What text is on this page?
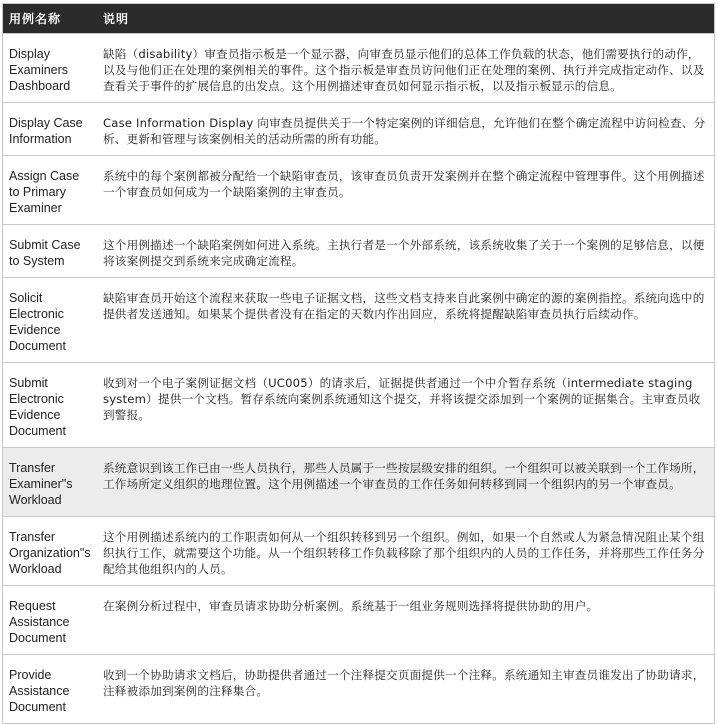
用例名称	说明
Display Examiners Dashboard	缺陷（disability）审查员指示板是一个显示器，向审查员显示他们的总体工作负载的状态，他们需要执行的动作，以及与他们正在处理的案例相关的事件。这个指示板是审查员访问他们正在处理的案例、执行并完成指定动作、以及查看关于事件的扩展信息的出发点。这个用例描述审查员如何显示指示板，以及指示板显示的信息。
Display Case Information	Case Information Display 向审查员提供关于一个特定案例的详细信息，允许他们在整个确定流程中访问检查、分析、更新和管理与该案例相关的活动所需的所有功能。
Assign Case to Primary Examiner	系统中的每个案例都被分配给一个缺陷审查员，该审查员负责开发案例并在整个确定流程中管理事件。这个用例描述一个审查员如何成为一个缺陷案例的主审查员。
Submit Case to System	这个用例描述一个缺陷案例如何进入系统。主执行者是一个外部系统，该系统收集了关于一个案例的足够信息，以便将该案例提交到系统来完成确定流程。
Solicit Electronic Evidence Document	缺陷审查员开始这个流程来获取一些电子证据文档，这些文档支持来自此案例中确定的源的案例指控。系统向选中的提供者发送通知。如果某个提供者没有在指定的天数内作出回应，系统将提醒缺陷审查员执行后续动作。
Submit Electronic Evidence Document	收到对一个电子案例证据文档（UC005）的请求后，证据提供者通过一个中介暂存系统（intermediate staging system）提供一个文档。暂存系统向案例系统通知这个提交，并将该提交添加到一个案例的证据集合。主审查员收到警报。
Transfer Examiner"s Workload	系统意识到该工作已由一些人员执行，那些人员属于一些按层级安排的组织。一个组织可以被关联到一个工作场所，工作场所定义组织的地理位置。这个用例描述一个审查员的工作任务如何转移到同一个组织内的另一个审查员。
Transfer Organization"s Workload	这个用例描述系统内的工作职责如何从一个组织转移到另一个组织。例如，如果一个自然或人为紧急情况阻止某个组织执行工作，就需要这个功能。从一个组织转移工作负载移除了那个组织内的人员的工作任务，并将那些工作任务分配给其他组织内的人员。
Request Assistance Document	在案例分析过程中，审查员请求协助分析案例。系统基于一组业务规则选择将提供协助的用户。
Provide Assistance Document	收到一个协助请求文档后，协助提供者通过一个注释提交页面提供一个注释。系统通知主审查员谁发出了协助请求，注释被添加到案例的注释集合。
